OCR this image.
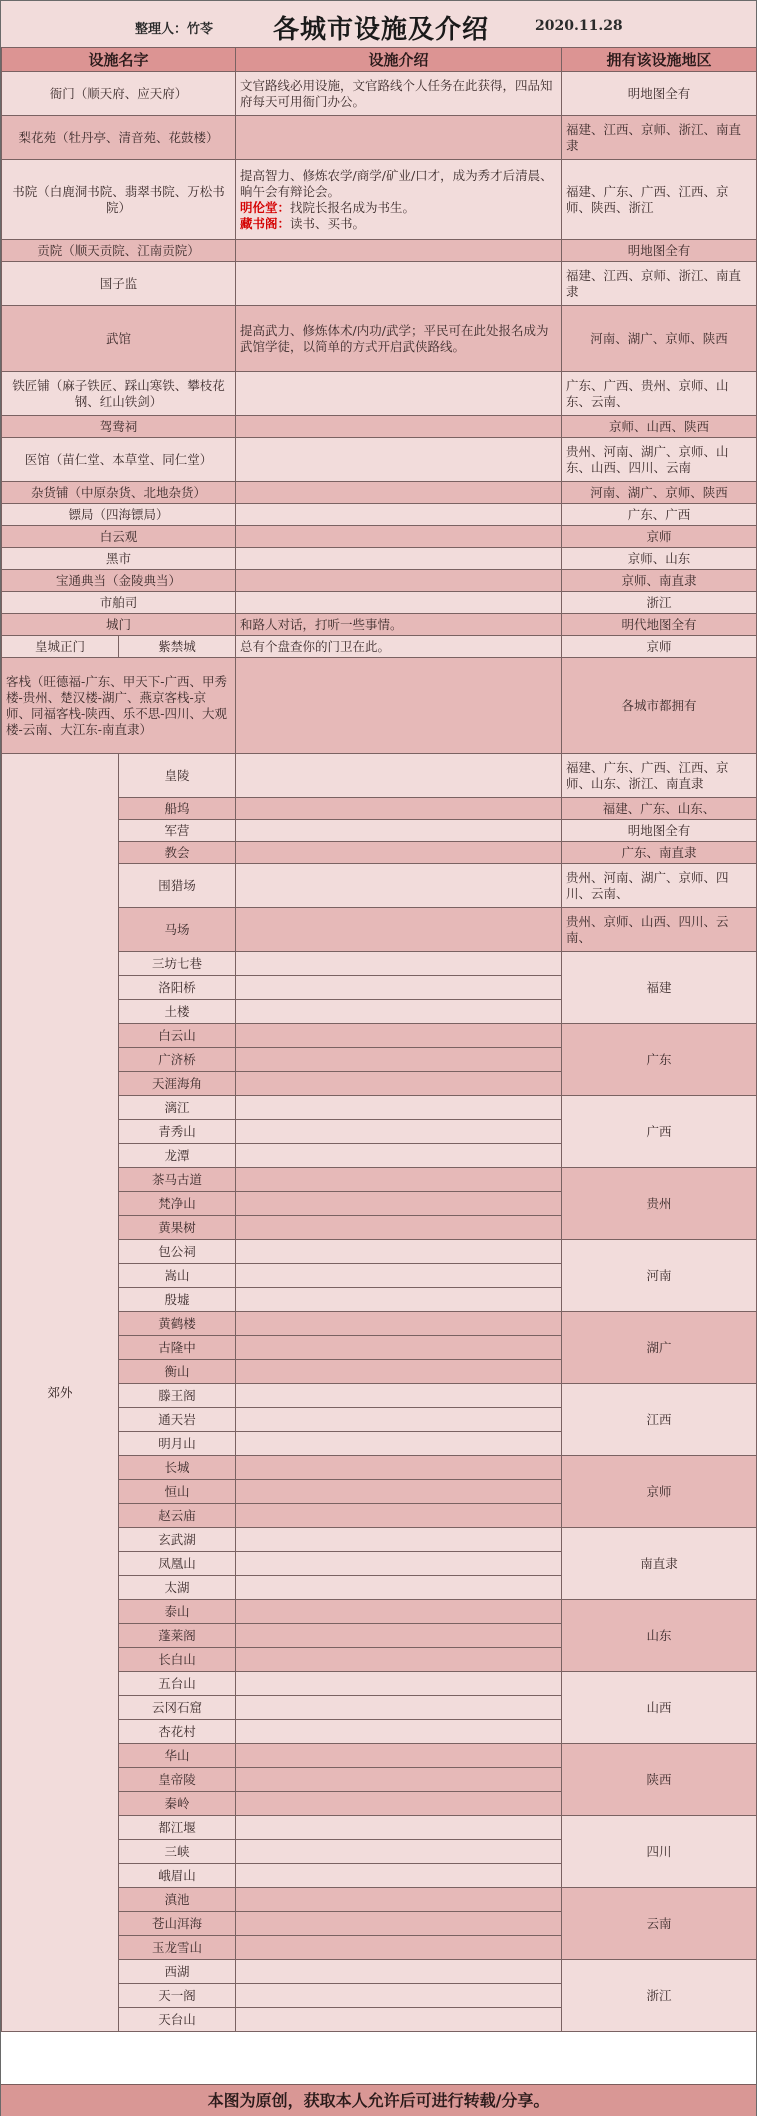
整理人：竹苓 各城市设施及介绍	2020.11.28
设施名字		设施介绍	拥有该设施地区
衙门（顺天府、应天府）		文官路线必用设施，文官路线个人任务在此获得，四品知府每天可用衙门办公。	明地图全有
梨花苑（牡丹亭、清音苑、花鼓楼）			福建、江西、京师、浙江、南直隶
书院（白鹿洞书院、翡翠书院、万松书院）		提高智力、修炼农学/商学/矿业/口才，成为秀才后清晨、晌午会有辩论会。
明伦堂：找院长报名成为书生。
藏书阁：读书、买书。	福建、广东、广西、江西、京师、陕西、浙江
贡院（顺天贡院、江南贡院）			明地图全有
国子监			福建、江西、京师、浙江、南直隶
武馆		提高武力、修炼体术/内功/武学；平民可在此处报名成为武馆学徒，以简单的方式开启武侠路线。	河南、湖广、京师、陕西
铁匠铺（麻子铁匠、踩山寒铁、攀枝花钢、红山铁剑）			广东、广西、贵州、京师、山东、云南、
驾鸯祠			京师、山西、陕西
医馆（苗仁堂、本草堂、同仁堂）			贵州、河南、湖广、京师、山东、山西、四川、云南
杂货铺（中原杂货、北地杂货）			河南、湖广、京师、陕西
镖局（四海镖局）			广东、广西
白云观			京师
黑市			京师、山东
宝通典当（金陵典当）			京师、南直隶
市舶司			浙江
城门		和路人对话，打听一些事情。	明代地图全有
皇城正门	紫禁城	总有个盘查你的门卫在此。	京师
客栈（旺德福-广东、甲天下-广西、甲秀楼-贵州、楚汉楼-湖广、燕京客栈-京师、同福客栈-陕西、乐不思-四川、大观楼-云南、大江东-南直隶）			各城市都拥有
郊外	皇陵		福建、广东、广西、江西、京师、山东、浙江、南直隶
	船坞		福建、广东、山东、
	军营		明地图全有
	教会		广东、南直隶
	围猎场		贵州、河南、湖广、京师、四川、云南、
	马场		贵州、京师、山西、四川、云南、
	三坊七巷		福建
	洛阳桥		
	土楼		
	白云山		广东
	广济桥		
	天涯海角		
	漓江		广西
	青秀山		
	龙潭		
	茶马古道		贵州
	梵净山		
	黄果树		
	包公祠		河南
	嵩山		
	殷墟		
	黄鹤楼		湖广
	古隆中		
	衡山		
	滕王阁		江西
	通天岩		
	明月山		
	长城		京师
	恒山		
	赵云庙		
	玄武湖		南直隶
	凤凰山		
	太湖		
	泰山		山东
	蓬莱阁		
	长白山		
	五台山		山西
	云冈石窟		
	杏花村		
	华山		陕西
	皇帝陵		
	秦岭		
	都江堰		四川
	三峡		
	峨眉山		
	滇池		云南
	苍山洱海		
	玉龙雪山		
	西湖		浙江
	天一阁		
	天台山		
本图为原创，获取本人允许后可进行转载/分享。
